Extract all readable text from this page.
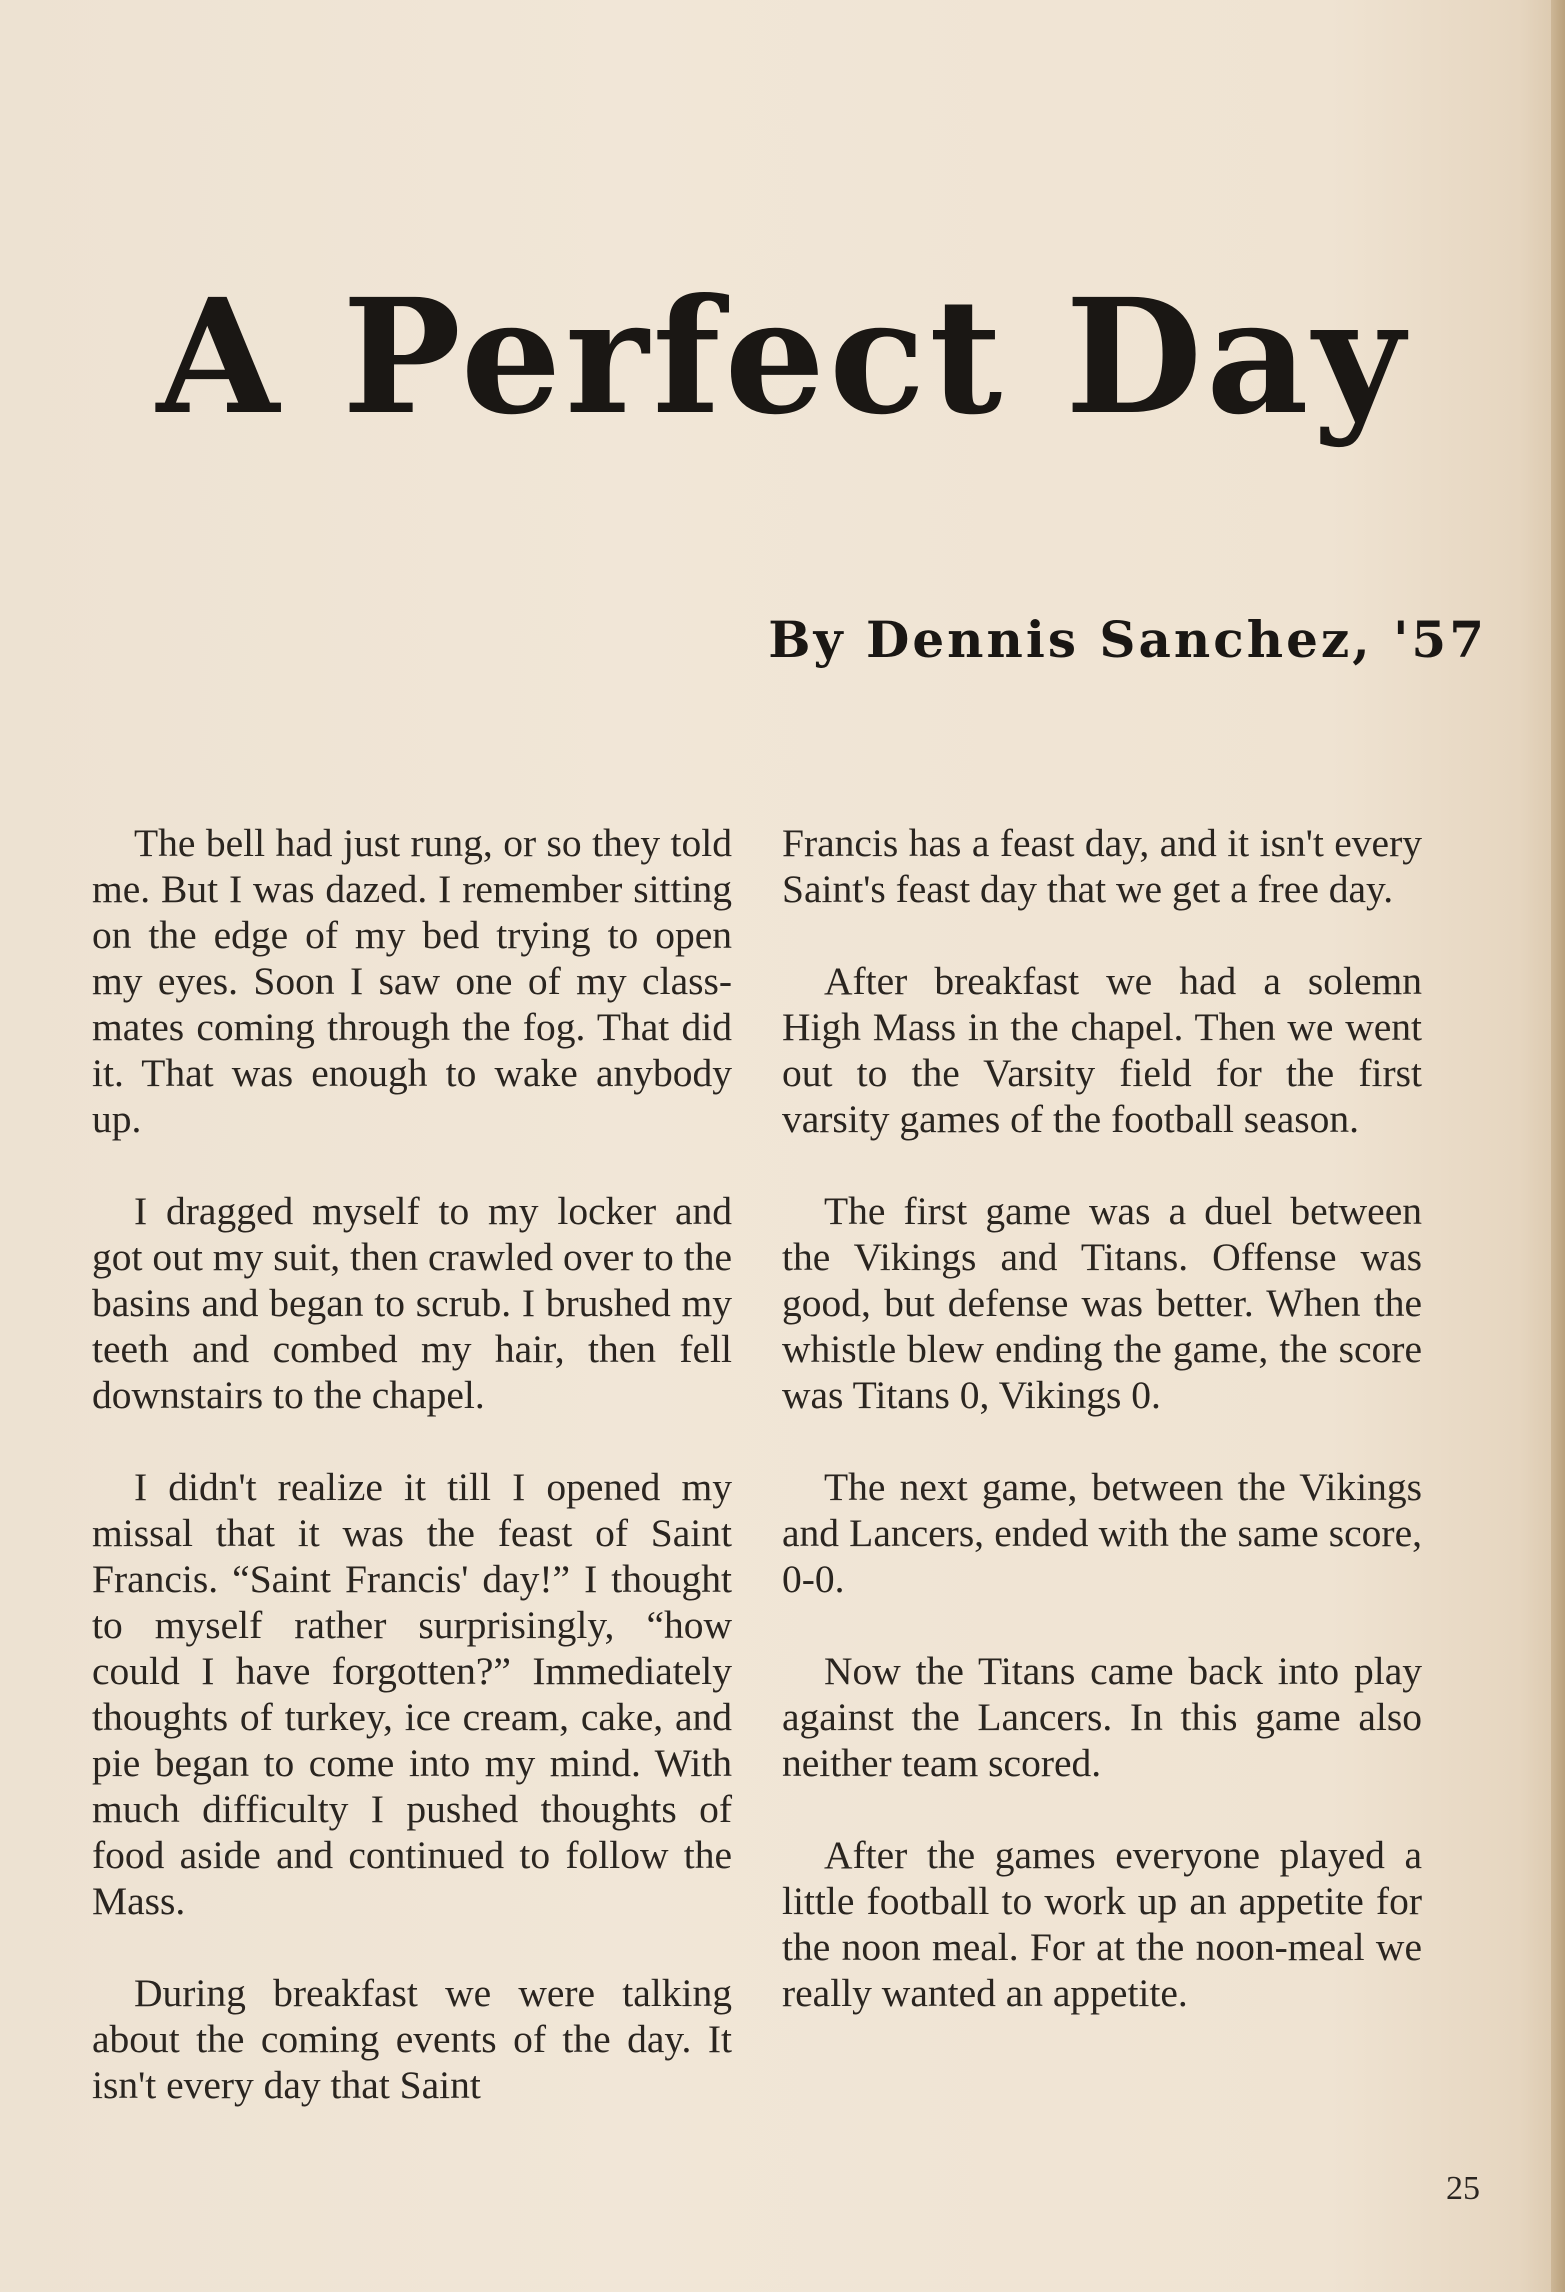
A Perfect Day

By Dennis Sanchez, '57

The bell had just rung, or so they told me. But I was dazed. I remember sitting on the edge of my bed trying to open my eyes. Soon I saw one of my class-mates coming through the fog. That did it. That was enough to wake anybody up.

I dragged myself to my locker and got out my suit, then crawled over to the basins and began to scrub. I brushed my teeth and combed my hair, then fell downstairs to the chapel.

I didn't realize it till I opened my missal that it was the feast of Saint Francis. “Saint Francis' day!” I thought to myself rather surprisingly, “how could I have forgotten?” Immediately thoughts of turkey, ice cream, cake, and pie began to come into my mind. With much difficulty I pushed thoughts of food aside and continued to follow the Mass.

During breakfast we were talking about the coming events of the day. It isn't every day that Saint

Francis has a feast day, and it isn't every Saint's feast day that we get a free day.

After breakfast we had a solemn High Mass in the chapel. Then we went out to the Varsity field for the first varsity games of the football season.

The first game was a duel between the Vikings and Titans. Offense was good, but defense was better. When the whistle blew ending the game, the score was Titans 0, Vikings 0.

The next game, between the Vikings and Lancers, ended with the same score, 0-0.

Now the Titans came back into play against the Lancers. In this game also neither team scored.

After the games everyone played a little football to work up an appetite for the noon meal. For at the noon-meal we really wanted an appetite.

25
